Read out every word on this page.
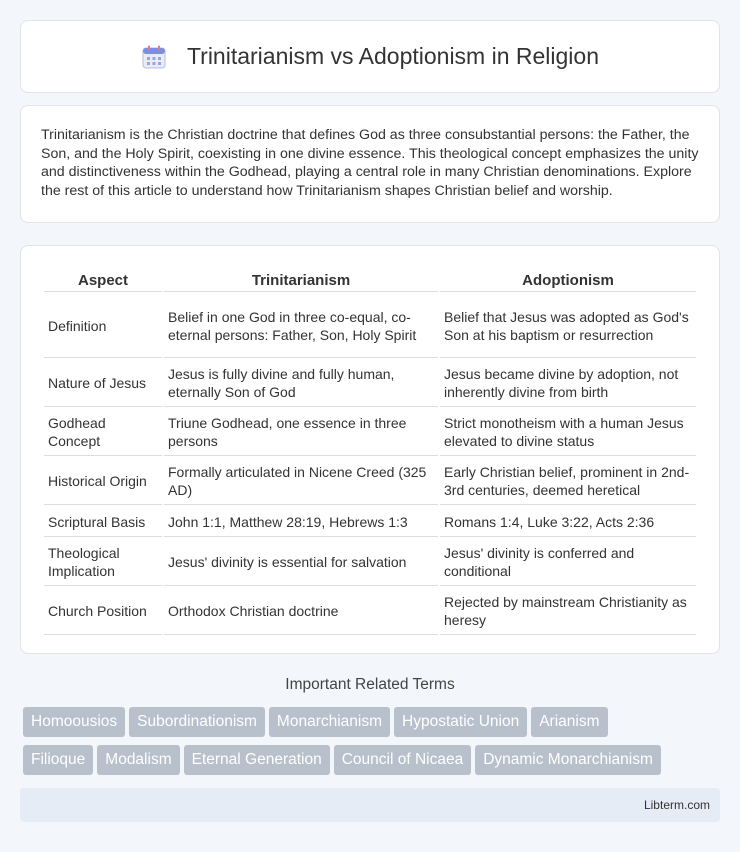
Trinitarianism vs Adoptionism in Religion

Trinitarianism is the Christian doctrine that defines God as three consubstantial persons: the Father, the Son, and the Holy Spirit, coexisting in one divine essence. This theological concept emphasizes the unity and distinctiveness within the Godhead, playing a central role in many Christian denominations. Explore the rest of this article to understand how Trinitarianism shapes Christian belief and worship.

Aspect	Trinitarianism	Adoptionism
Definition	Belief in one God in three co-equal, co-eternal persons: Father, Son, Holy Spirit	Belief that Jesus was adopted as God's Son at his baptism or resurrection
Nature of Jesus	Jesus is fully divine and fully human, eternally Son of God	Jesus became divine by adoption, not inherently divine from birth
Godhead Concept	Triune Godhead, one essence in three persons	Strict monotheism with a human Jesus elevated to divine status
Historical Origin	Formally articulated in Nicene Creed (325 AD)	Early Christian belief, prominent in 2nd-3rd centuries, deemed heretical
Scriptural Basis	John 1:1, Matthew 28:19, Hebrews 1:3	Romans 1:4, Luke 3:22, Acts 2:36
Theological Implication	Jesus' divinity is essential for salvation	Jesus' divinity is conferred and conditional
Church Position	Orthodox Christian doctrine	Rejected by mainstream Christianity as heresy
Important Related Terms
Homoousios Subordinationism Monarchianism Hypostatic Union Arianism
Filioque Modalism Eternal Generation Council of Nicaea Dynamic Monarchianism
Libterm.com
